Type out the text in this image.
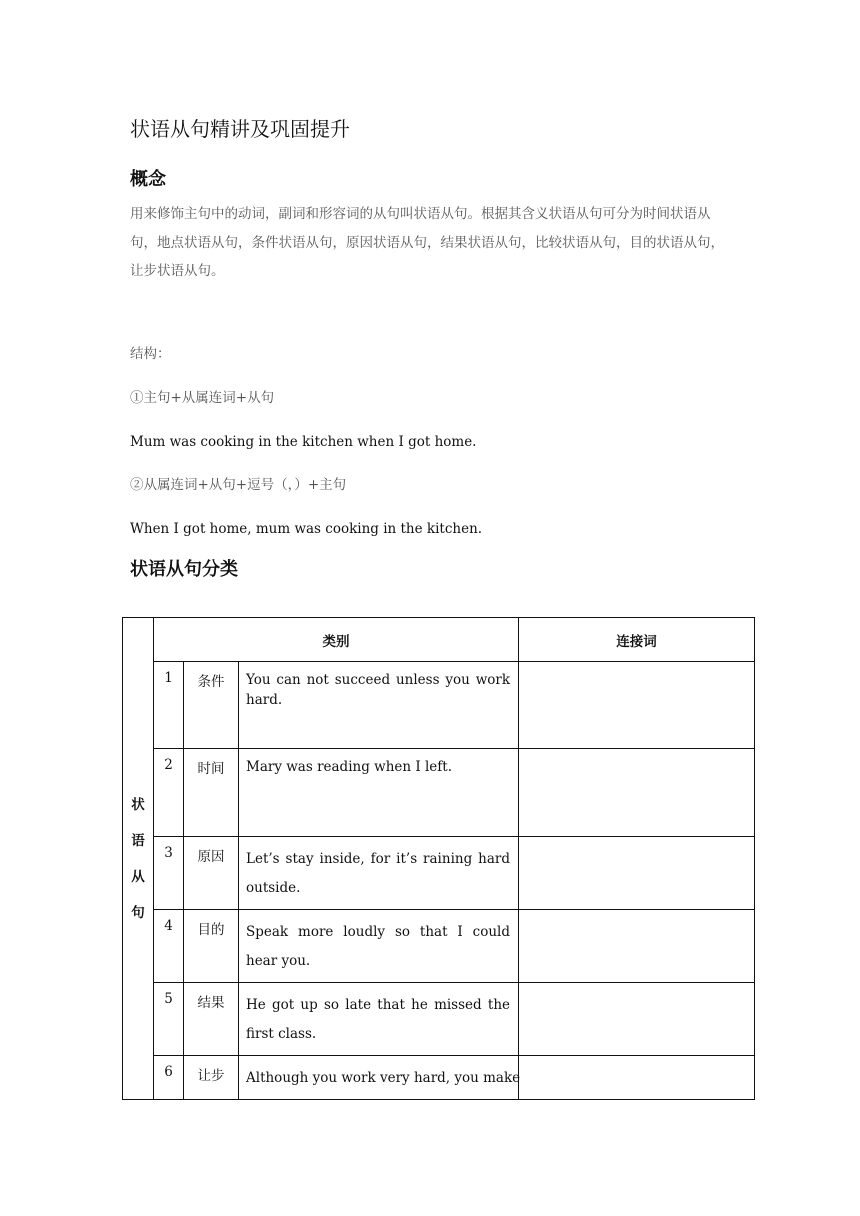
状语从句精讲及巩固提升
概念
用来修饰主句中的动词，副词和形容词的从句叫状语从句。根据其含义状语从句可分为时间状语从句，地点状语从句，条件状语从句，原因状语从句，结果状语从句，比较状语从句，目的状语从句，让步状语从句。
结构：
①主句+从属连词+从句
Mum was cooking in the kitchen when I got home.
②从属连词+从句+逗号（，）+主句
When I got home, mum was cooking in the kitchen.
状语从句分类
状
语
从
句	类别			连接词
	1	条件	You can not succeed unless you work hard.	
	2	时间	Mary was reading when I left.	
	3	原因	Let’s stay inside, for it’s raining hard outside.	
	4	目的	Speak more loudly so that I could hear you.	
	5	结果	He got up so late that he missed the first class.	
	6	让步	Although you work very hard, you make	
